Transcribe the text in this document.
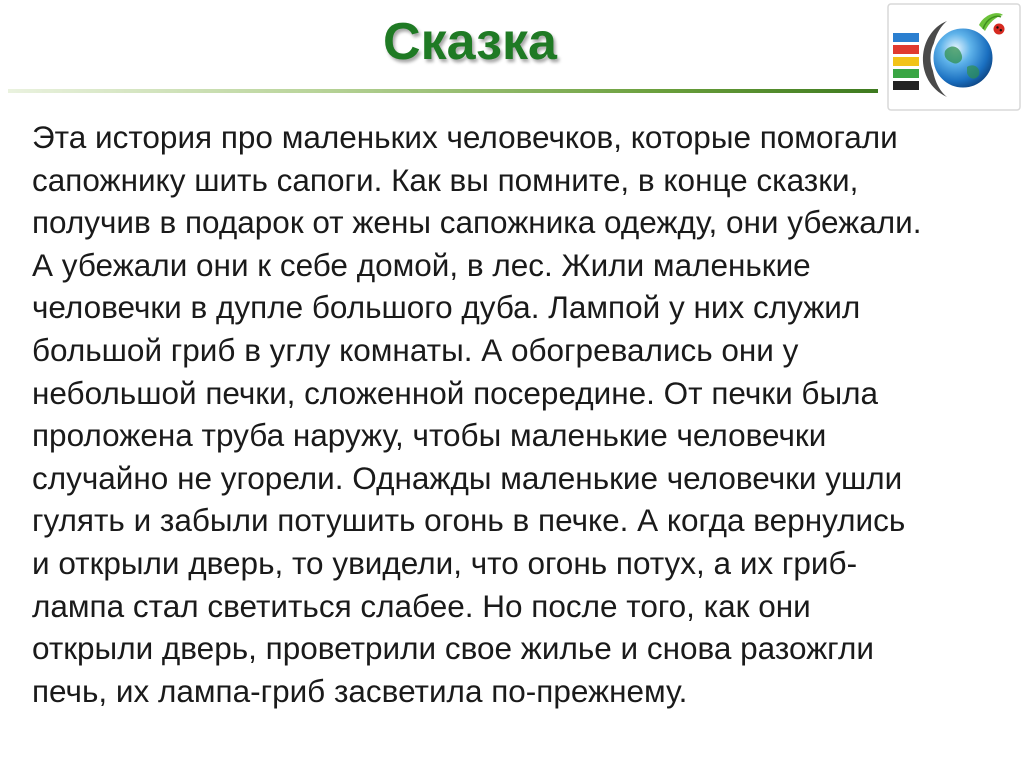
Сказка

Эта история про маленьких человечков, которые помогали
сапожнику шить сапоги. Как вы помните, в конце сказки,
получив в подарок от жены сапожника одежду, они убежали.
А убежали они к себе домой, в лес. Жили маленькие
человечки в дупле большого дуба. Лампой у них служил
большой гриб в углу комнаты. А обогревались они у
небольшой печки, сложенной посередине. От печки была
проложена труба наружу, чтобы маленькие человечки
случайно не угорели. Однажды маленькие человечки ушли
гулять и забыли потушить огонь в печке. А когда вернулись
и открыли дверь, то увидели, что огонь потух, а их гриб-
лампа стал светиться слабее. Но после того, как они
открыли дверь, проветрили свое жилье и снова разожгли
печь, их лампа-гриб засветила по-прежнему.
